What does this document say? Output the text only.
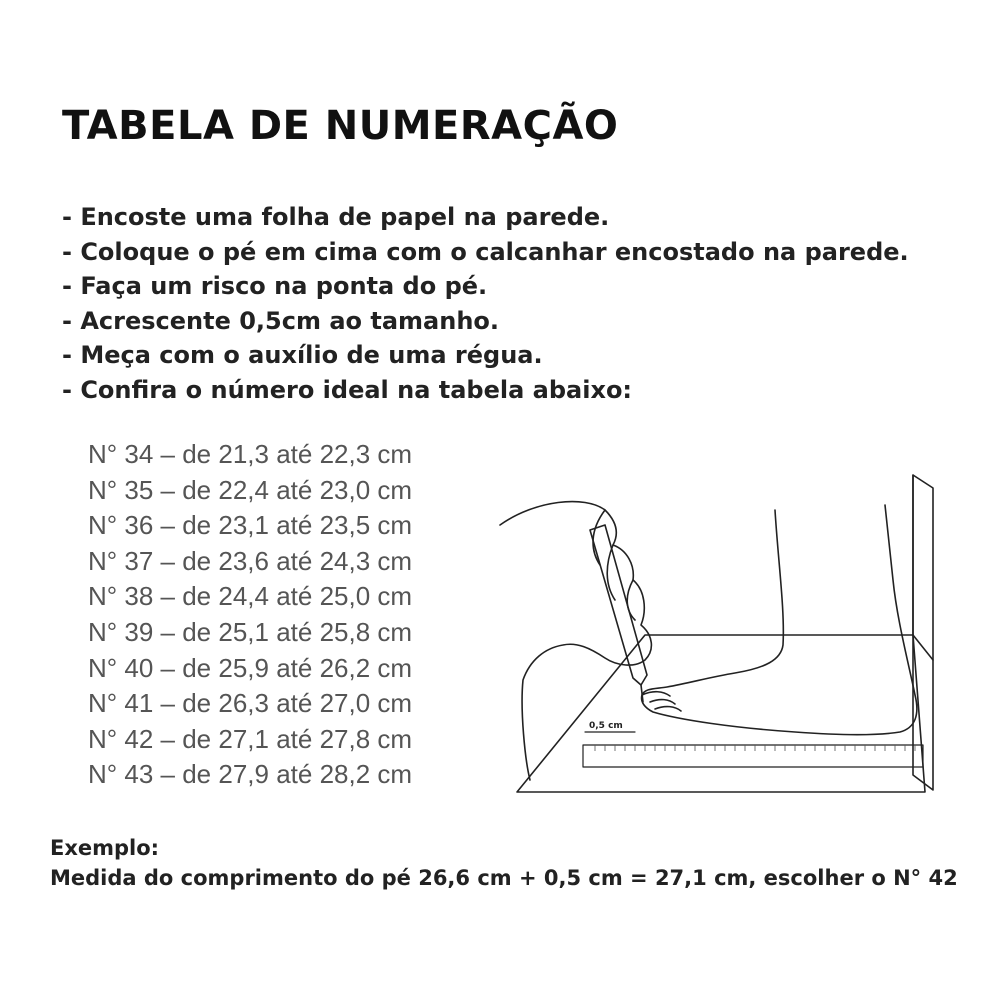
TABELA DE NUMERAÇÃO
- Encoste uma folha de papel na parede.
- Coloque o pé em cima com o calcanhar encostado na parede.
- Faça um risco na ponta do pé.
- Acrescente 0,5cm ao tamanho.
- Meça com o auxílio de uma régua.
- Confira o número ideal na tabela abaixo:
N° 34 – de 21,3 até 22,3 cm
N° 35 – de 22,4 até 23,0 cm
N° 36 – de 23,1 até 23,5 cm
N° 37 – de 23,6 até 24,3 cm
N° 38 – de 24,4 até 25,0 cm
N° 39 – de 25,1 até 25,8 cm
N° 40 – de 25,9 até 26,2 cm
N° 41 – de 26,3 até 27,0 cm
N° 42 – de 27,1 até 27,8 cm
N° 43 – de 27,9 até 28,2 cm
0,5 cm
Exemplo:
Medida do comprimento do pé 26,6 cm + 0,5 cm = 27,1 cm, escolher o N° 42
